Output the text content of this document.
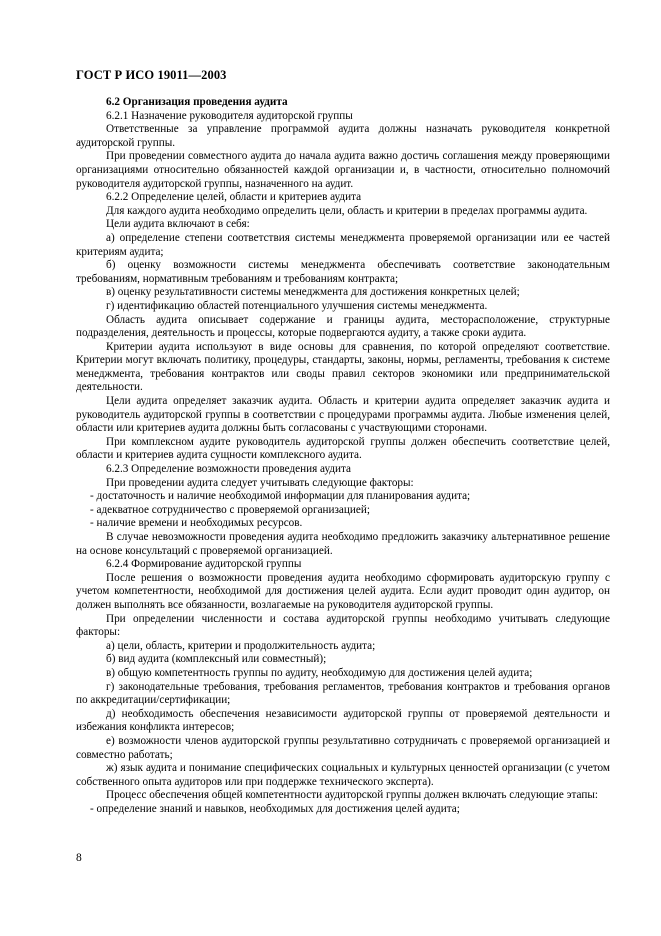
ГОСТ Р ИСО 19011—2003

6.2 Организация проведения аудита

6.2.1 Назначение руководителя аудиторской группы

Ответственные за управление программой аудита должны назначать руководителя конкретной аудиторской группы.

При проведении совместного аудита до начала аудита важно достичь соглашения между проверяющими организациями относительно обязанностей каждой организации и, в частности, относительно полномочий руководителя аудиторской группы, назначенного на аудит.

6.2.2 Определение целей, области и критериев аудита

Для каждого аудита необходимо определить цели, область и критерии в пределах программы аудита.

Цели аудита включают в себя:

а) определение степени соответствия системы менеджмента проверяемой организации или ее частей критериям аудита;

б) оценку возможности системы менеджмента обеспечивать соответствие законодательным требованиям, нормативным требованиям и требованиям контракта;

в) оценку результативности системы менеджмента для достижения конкретных целей;

г) идентификацию областей потенциального улучшения системы менеджмента.

Область аудита описывает содержание и границы аудита, месторасположение, структурные подразделения, деятельность и процессы, которые подвергаются аудиту, а также сроки аудита.

Критерии аудита используют в виде основы для сравнения, по которой определяют соответствие. Критерии могут включать политику, процедуры, стандарты, законы, нормы, регламенты, требования к системе менеджмента, требования контрактов или своды правил секторов экономики или предпринимательской деятельности.

Цели аудита определяет заказчик аудита. Область и критерии аудита определяет заказчик аудита и руководитель аудиторской группы в соответствии с процедурами программы аудита. Любые изменения целей, области или критериев аудита должны быть согласованы с участвующими сторонами.

При комплексном аудите руководитель аудиторской группы должен обеспечить соответствие целей, области и критериев аудита сущности комплексного аудита.

6.2.3 Определение возможности проведения аудита

При проведении аудита следует учитывать следующие факторы:

- достаточность и наличие необходимой информации для планирования аудита;

- адекватное сотрудничество с проверяемой организацией;

- наличие времени и необходимых ресурсов.

В случае невозможности проведения аудита необходимо предложить заказчику альтернативное решение на основе консультаций с проверяемой организацией.

6.2.4 Формирование аудиторской группы

После решения о возможности проведения аудита необходимо сформировать аудиторскую группу с учетом компетентности, необходимой для достижения целей аудита. Если аудит проводит один аудитор, он должен выполнять все обязанности, возлагаемые на руководителя аудиторской группы.

При определении численности и состава аудиторской группы необходимо учитывать следующие факторы:

а) цели, область, критерии и продолжительность аудита;

б) вид аудита (комплексный или совместный);

в) общую компетентность группы по аудиту, необходимую для достижения целей аудита;

г) законодательные требования, требования регламентов, требования контрактов и требования органов по аккредитации/сертификации;

д) необходимость обеспечения независимости аудиторской группы от проверяемой деятельности и избежания конфликта интересов;

е) возможности членов аудиторской группы результативно сотрудничать с проверяемой организацией и совместно работать;

ж) язык аудита и понимание специфических социальных и культурных ценностей организации (с учетом собственного опыта аудиторов или при поддержке технического эксперта).

Процесс обеспечения общей компетентности аудиторской группы должен включать следующие этапы:

- определение знаний и навыков, необходимых для достижения целей аудита;

8
